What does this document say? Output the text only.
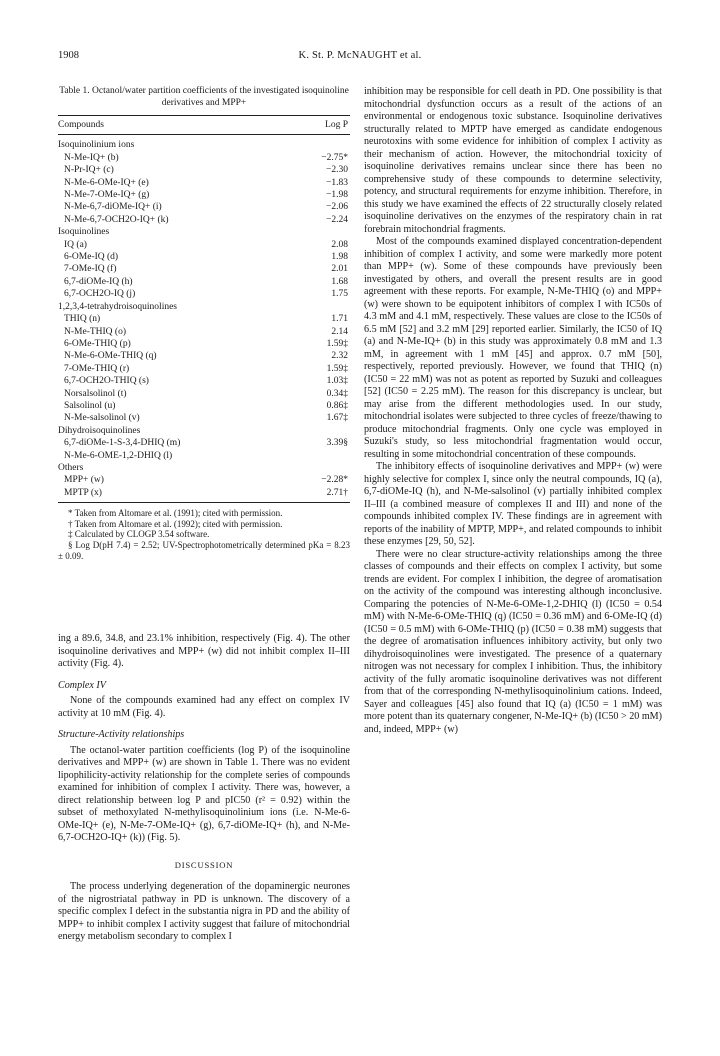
1908	K. St. P. McNAUGHT et al.
Table 1. Octanol/water partition coefficients of the investigated isoquinoline derivatives and MPP+
Compounds	Log P
Isoquinolinium ions	
N-Me-IQ+ (b)	−2.75*
N-Pr-IQ+ (c)	−2.30
N-Me-6-OMe-IQ+ (e)	−1.83
N-Me-7-OMe-IQ+ (g)	−1.98
N-Me-6,7-diOMe-IQ+ (i)	−2.06
N-Me-6,7-OCH2O-IQ+ (k)	−2.24
Isoquinolines	
IQ (a)	2.08
6-OMe-IQ (d)	1.98
7-OMe-IQ (f)	2.01
6,7-diOMe-IQ (h)	1.68
6,7-OCH2O-IQ (j)	1.75
1,2,3,4-tetrahydroisoquinolines	
THIQ (n)	1.71
N-Me-THIQ (o)	2.14
6-OMe-THIQ (p)	1.59‡
N-Me-6-OMe-THIQ (q)	2.32
7-OMe-THIQ (r)	1.59‡
6,7-OCH2O-THIQ (s)	1.03‡
Norsalsolinol (t)	0.34‡
Salsolinol (u)	0.86‡
N-Me-salsolinol (v)	1.67‡
Dihydroisoquinolines	
6,7-diOMe-1-S-3,4-DHIQ (m)	3.39§
N-Me-6-OME-1,2-DHIQ (l)	
Others	
MPP+ (w)	−2.28*
MPTP (x)	2.71†
* Taken from Altomare et al. (1991); cited with permission.
† Taken from Altomare et al. (1992); cited with permission.
‡ Calculated by CLOGP 3.54 software.
§ Log D(pH 7.4) = 2.52; UV-Spectrophotometrically determined pKa = 8.23 ± 0.09.

ing a 89.6, 34.8, and 23.1% inhibition, respectively (Fig. 4). The other isoquinoline derivatives and MPP+ (w) did not inhibit complex II–III activity (Fig. 4).

Complex IV

None of the compounds examined had any effect on complex IV activity at 10 mM (Fig. 4).

Structure-Activity relationships

The octanol-water partition coefficients (log P) of the isoquinoline derivatives and MPP+ (w) are shown in Table 1. There was no evident lipophilicity-activity relationship for the complete series of compounds examined for inhibition of complex I activity. There was, however, a direct relationship between log P and pIC50 (r² = 0.92) within the subset of methoxylated N-methylisoquinolinium ions (i.e. N-Me-6-OMe-IQ+ (e), N-Me-7-OMe-IQ+ (g), 6,7-diOMe-IQ+ (h), and N-Me-6,7-OCH2O-IQ+ (k)) (Fig. 5).

DISCUSSION

The process underlying degeneration of the dopaminergic neurones of the nigrostriatal pathway in PD is unknown. The discovery of a specific complex I defect in the substantia nigra in PD and the ability of MPP+ to inhibit complex I activity suggest that failure of mitochondrial energy metabolism secondary to complex I

inhibition may be responsible for cell death in PD. One possibility is that mitochondrial dysfunction occurs as a result of the actions of an environmental or endogenous toxic substance. Isoquinoline derivatives structurally related to MPTP have emerged as candidate endogenous neurotoxins with some evidence for inhibition of complex I activity as their mechanism of action. However, the mitochondrial toxicity of isoquinoline derivatives remains unclear since there has been no comprehensive study of these compounds to determine selectivity, potency, and structural requirements for enzyme inhibition. Therefore, in this study we have examined the effects of 22 structurally closely related isoquinoline derivatives on the enzymes of the respiratory chain in rat forebrain mitochondrial fragments.

Most of the compounds examined displayed concentration-dependent inhibition of complex I activity, and some were markedly more potent than MPP+ (w). Some of these compounds have previously been investigated by others, and overall the present results are in good agreement with these reports. For example, N-Me-THIQ (o) and MPP+ (w) were shown to be equipotent inhibitors of complex I with IC50s of 4.3 mM and 4.1 mM, respectively. These values are close to the IC50s of 6.5 mM [52] and 3.2 mM [29] reported earlier. Similarly, the IC50 of IQ (a) and N-Me-IQ+ (b) in this study was approximately 0.8 mM and 1.3 mM, in agreement with 1 mM [45] and approx. 0.7 mM [50], respectively, reported previously. However, we found that THIQ (n) (IC50 = 22 mM) was not as potent as reported by Suzuki and colleagues [52] (IC50 = 2.25 mM). The reason for this discrepancy is unclear, but may arise from the different methodologies used. In our study, mitochondrial isolates were subjected to three cycles of freeze/thawing to produce mitochondrial fragments. Only one cycle was employed in Suzuki's study, so less mitochondrial fragmentation would occur, resulting in some mitochondrial concentration of these compounds.

The inhibitory effects of isoquinoline derivatives and MPP+ (w) were highly selective for complex I, since only the neutral compounds, IQ (a), 6,7-diOMe-IQ (h), and N-Me-salsolinol (v) partially inhibited complex II–III (a combined measure of complexes II and III) and none of the compounds inhibited complex IV. These findings are in agreement with reports of the inability of MPTP, MPP+, and related compounds to inhibit these enzymes [29, 50, 52].

There were no clear structure-activity relationships among the three classes of compounds and their effects on complex I activity, but some trends are evident. For complex I inhibition, the degree of aromatisation on the activity of the compound was interesting although inconclusive. Comparing the potencies of N-Me-6-OMe-1,2-DHIQ (l) (IC50 = 0.54 mM) with N-Me-6-OMe-THIQ (q) (IC50 = 0.36 mM) and 6-OMe-IQ (d) (IC50 = 0.5 mM) with 6-OMe-THIQ (p) (IC50 = 0.38 mM) suggests that the degree of aromatisation influences inhibitory activity, but only two dihydroisoquinolines were investigated. The presence of a quaternary nitrogen was not necessary for complex I inhibition. Thus, the inhibitory activity of the fully aromatic isoquinoline derivatives was not different from that of the corresponding N-methylisoquinolinium cations. Indeed, Sayer and colleagues [45] also found that IQ (a) (IC50 = 1 mM) was more potent than its quaternary congener, N-Me-IQ+ (b) (IC50 > 20 mM) and, indeed, MPP+ (w)
